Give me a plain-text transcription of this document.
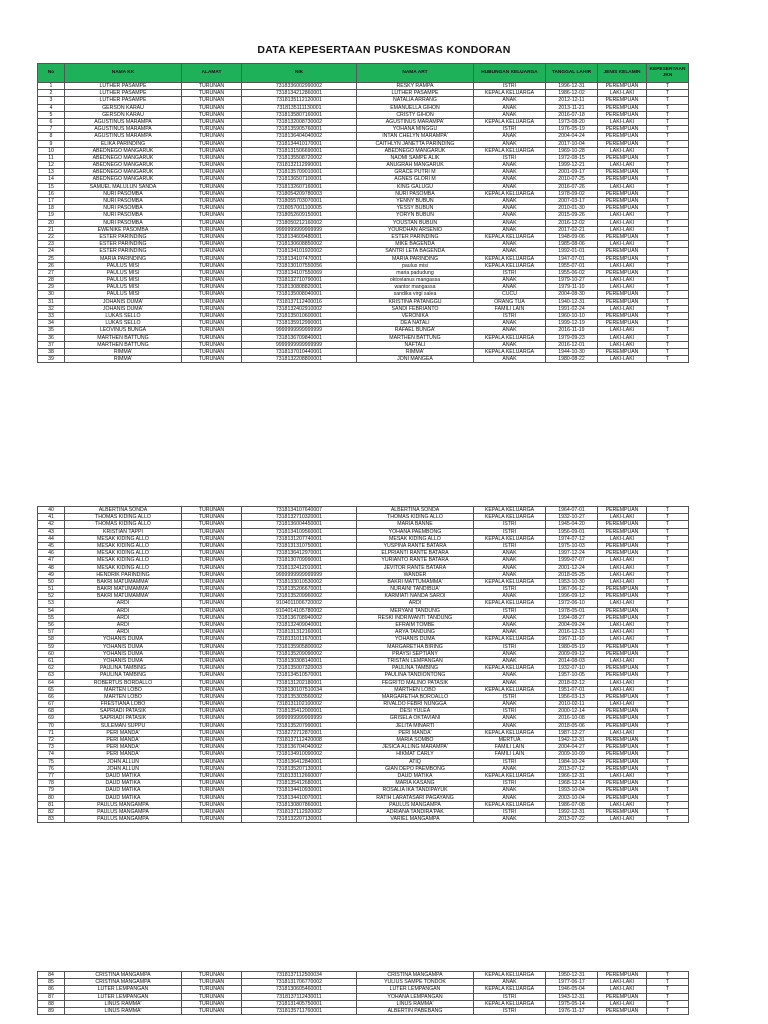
DATA KEPESERTAAN PUSKESMAS KONDORAN
No	NAMA KK	ALAMAT	NIK	NAMA ART	HUBUNGAN KELUARGA	TANGGAL LAHIR	JENIS KELAMIN	KEPESERTAAN JKN
1	LUTHER PASAMPE	TURUNAN	7318336002990002	RESKY RAMPA	ISTRI	1996-12-31	PEREMPUAN	T
2	LUTHER PASAMPE	TURUNAN	7318134212860001	LUTHER PASAMPE	KEPALA KELUARGA	1986-12-02	LAKI-LAKI	T
3	LUTHER PASAMPE	TURUNAN	7318135112120001	NATALIA ARRANG	ANAK	2012-12-11	PEREMPUAN	T
4	GERSON KARAU	TURUNAN	7318135111130001	EMANUELLA GIHON	ANAK	2013-11-21	PEREMPUAN	T
5	GERSON KARAU	TURUNAN	7318135807160001	CRISTY GIHON	ANAK	2016-07-18	PEREMPUAN	T
6	AGUSTINUS MARAMPA	TURUNAN	7318132008730002	AGUSTINUS MARAMPA'	KEPALA KELUARGA	1973-08-20	LAKI-LAKI	T
7	AGUSTINUS MARAMPA	TURUNAN	7318135905760001	YOHANA MINGGU	ISTRI	1976-05-19	PEREMPUAN	T
8	AGUSTINUS MARAMPA	TURUNAN	7318136404040002	INTAN CHELYN MARAMPA'	ANAK	2004-04-24	PEREMPUAN	T
9	ELIKA PARINDING	TURUNAN	7318134410170001	CAITHLYN JANETTA PARINDING	ANAK	2017-10-04	PEREMPUAN	T
10	ABEDNEGO MANGARUK	TURUNAN	7318131506690001	ABEDNEGO MANGARUK	KEPALA KELUARGA	1969-10-28	LAKI-LAKI	T
11	ABEDNEGO MANGARUK	TURUNAN	7318135508720002	NAOMI SAMPE ALIK	ISTRI	1972-08-15	PEREMPUAN	T
12	ABEDNEGO MANGARUK	TURUNAN	7318132112990001	ANUGRAH MANGARUK	ANAK	1999-12-21	LAKI-LAKI	T
13	ABEDNEGO MANGARUK	TURUNAN	7318135709010001	GRACE PUTRI M	ANAK	2001-09-17	PEREMPUAN	T
14	ABEDNEGO MANGARUK	TURUNAN	7318136507100001	AGNES GLORI M	ANAK	2010-07-25	PEREMPUAN	T
15	SAMUEL MALULUN SANDA	TURUNAN	7318132607160001	KING GALUGU	ANAK	2016-07-26	LAKI-LAKI	T
16	NURI PASOMBA	TURUNAN	7318054209780003	NURI PASOMBA	KEPALA KELUARGA	1978-09-02	PEREMPUAN	T
17	NURI PASOMBA	TURUNAN	7318055703070001	YENNY BUBUN	ANAK	2007-03-17	PEREMPUAN	T
18	NURI PASOMBA	TURUNAN	7318057001100005	YESSY BUBUN	ANAK	2010-01-30	PEREMPUAN	T
19	NURI PASOMBA	TURUNAN	7318052609150001	YORYN BUBUN	ANAK	2015-09-26	LAKI-LAKI	T
20	NURI PASOMBA	TURUNAN	7318050212160002	YOUSTAN BUBUN	ANAK	2016-12-02	LAKI-LAKI	T
21	EWENIKE PASOMBA	TURUNAN	9999999999999999	YOURDHAN ARSENIO	ANAK	2017-02-21	LAKI-LAKI	T
22	ESTER PARINDING	TURUNAN	7318134609480001	ESTER PARINDING	KEPALA KELUARGA	1948-09-06	PEREMPUAN	T
23	ESTER PARINDING	TURUNAN	7318130608850002	MIKE BAGENDA	ANAK	1985-08-06	LAKI-LAKI	T
24	ESTER PARINDING	TURUNAN	7318134101920002	SANTRI LETA BAGENDA	ANAK	1992-01-01	PEREMPUAN	T
25	MARIA PARINDING	TURUNAN	7318134107470001	MARIA PARINDING	KEPALA KELUARGA	1947-07-01	PEREMPUAN	T
26	PAULUS MISI	TURUNAN	7318130107550056	paulus misi	KEPALA KELUARGA	1955-07-01	LAKI-LAKI	T
27	PAULUS MISI	TURUNAN	7318134107550069	maria padudung	ISTRI	1955-06-02	PEREMPUAN	T
28	PAULUS MISI	TURUNAN	7318132710790001	oktovianus mangassa	ANAK	1979-10-27	LAKI-LAKI	T
29	PAULUS MISI	TURUNAN	7318130808820001	wantor mangassa	ANAK	1979-11-10	LAKI-LAKI	T
30	PAULUS MISI	TURUNAN	7318135008040001	sandika virgi salea	CUCU	2004-08-30	PEREMPUAN	T
31	JOHANIS DUMA'	TURUNAN	7318137112400016	KRISTINA PATANGGU	ORANG TUA	1940-12-31	PEREMPUAN	T
32	JOHANIS DUMA'	TURUNAN	7318132402910002	SANDI FEBRIANTO	FAMILI LAIN	1991-02-24	LAKI-LAKI	T
33	LUKAS SELLO	TURUNAN	7318135010600001	VERONIKA	ISTRI	1960-10-10	PEREMPUAN	T
34	LUKAS SELLO	TURUNAN	7318135912990001	DEA NATALI	ANAK	1999-12-19	PEREMPUAN	T
35	LEOVINUS BUNGA	TURUNAN	9999999999999999	RAFAEL BUNGA'	ANAK	2016-11-19	LAKI-LAKI	T
36	MARTHEN BATTUNG	TURUNAN	7318136709840001	MARTHEN BATTUNG	KEPALA KELUARGA	1979-09-23	LAKI-LAKI	T
37	MARTHEN BATTUNG	TURUNAN	9999999999999999	NAFTALI	ANAK	2016-12-01	LAKI-LAKI	T
38	RIMMA'	TURUNAN	7318137010440001	RIMMA'	KEPALA KELUARGA	1944-10-30	PEREMPUAN	T
39	RIMMA'	TURUNAN	7318132208800001	JONI MANGEA	ANAK	1980-08-22	LAKI-LAKI	T
40	ALBERTINA SONDA	TURUNAN	7318134107640007	ALBERTINA SONDA	KEPALA KELUARGA	1964-07-01	PEREMPUAN	T
41	THOMAS KIDING ALLO	TURUNAN	7318132710320001	THOMAS KIDING ALLO	KEPALA KELUARGA	1932-10-27	LAKI-LAKI	T
42	THOMAS KIDING ALLO	TURUNAN	7318136004450001	MARIA BANNE	ISTRI	1945-04-20	PEREMPUAN	T
43	KRISTIAN TAPPI	TURUNAN	7318134109560001	YOHANA PAEMBONG	ISTRI	1956-09-01	PEREMPUAN	T
44	MESAK KIDING ALLO	TURUNAN	7318131207740001	MESAK KIDING ALLO	KEPALA KELUARGA	1974-07-12	LAKI-LAKI	T
45	MESAK KIDING ALLO	TURUNAN	7318131310750001	YUSPINA RANTE BATARA	ISTRI	1975-10-03	PEREMPUAN	T
46	MESAK KIDING ALLO	TURUNAN	7318136412970001	ELPRIANTI RANTE BATARA	ANAK	1997-12-24	PEREMPUAN	T
47	MESAK KIDING ALLO	TURUNAN	7318130709990001	YURIANTO RANTE BATARA	ANAK	1999-07-07	LAKI-LAKI	T
48	MESAK KIDING ALLO	TURUNAN	7318132412010001	JEVITOR RANTE BATARA	ANAK	2001-12-24	LAKI-LAKI	T
49	HENDRIK PARINDING	TURUNAN	9999999999999999	WANDER	ANAK	2018-05-25	LAKI-LAKI	T
50	BAKRI MATUMAMMA'	TURUNAN	7318133010530002	BAKRI MATTUMAMMA'	KEPALA KELUARGA	1953-10-30	LAKI-LAKI	T
51	BAKRI MATUMAMMA'	TURUNAN	7318135206670001	NURAINI TANDIBUA'	ISTRI	1967-06-12	PEREMPUAN	T
52	BAKRI MATUMAMMA'	TURUNAN	7318135209960002	KARMIATI NANDA SAROI	ANAK	1996-09-12	PEREMPUAN	T
53	ARDI	TURUNAN	9104011006720002	ARDI	KEPALA KELUARGA	1972-06-10	LAKI-LAKI	T
54	ARDI	TURUNAN	9104014105780002	MERYANI TANDUNG	ISTRI	1978-05-01	PEREMPUAN	T
55	ARDI	TURUNAN	7318136708940002	RESKI INDRIWANTI TANDUNG	ANAK	1994-08-27	PEREMPUAN	T
56	ARDI	TURUNAN	7318132409040001	EFRAIM TOMBE	ANAK	2004-09-24	LAKI-LAKI	T
57	ARDI	TURUNAN	7318131312160001	ARYA TANDUNG	ANAK	2016-12-13	LAKI-LAKI	T
58	YOHANIS DUMA	TURUNAN	7318131011670001	YOHANIS DUMA	KEPALA KELUARGA	1967-11-10	LAKI-LAKI	T
59	YOHANIS DUMA	TURUNAN	7318135905800002	MARGARETHA BIRING	ISTRI	1980-05-19	PEREMPUAN	T
60	YOHANIS DUMA	TURUNAN	7318135209090002	PRAYSI SEPTIANY	ANAK	2009-09-12	PEREMPUAN	T
61	YOHANIS DUMA	TURUNAN	7318130308140001	TRISTAN LEMPANGAN	ANAK	2014-08-03	LAKI-LAKI	T
62	PAULINA TAMBING	TURUNAN	7318135007320003	PAULINA TAMBING	KEPALA KELUARGA	1932-07-10	PEREMPUAN	T
63	PAULINA TAMBING	TURUNAN	7318134510570001	PAULINA TANDIONTONG	ANAK	1957-10-05	PEREMPUAN	T
64	ROBERTUS BORDALLO	TURUNAN	7318131202180001	FEGRITO MALINO PATASIK	ANAK	2018-02-12	LAKI-LAKI	T
65	MARTEN LOBO	TURUNAN	7318130107510034	MARTHEN LOBO	KEPALA KELUARGA	1951-07-01	LAKI-LAKI	T
66	MARTEN LOBO	TURUNAN	7318135303560002	MARGARETHA BOROALLO	ISTRI	1956-03-13	PEREMPUAN	T
67	FRESTIANA LOBO	TURUNAN	7318131102100002	RIVALDO FEBRI NUNGGA	ANAK	2010-02-11	LAKI-LAKI	T
68	SAPRIADI PATASIK	TURUNAN	7318135412000001	DESI YULEA	ISTRI	2000-12-14	PEREMPUAN	T
69	SAPRIADI PATASIK	TURUNAN	9999999999999999	GRISELA OKTAVIANI	ANAK	2016-10-08	PEREMPUAN	T
70	SULEMAN SUPPU	TURUNAN	7318135207990001	JELITA MINARTI	ANAK	2018-05-06	PEREMPUAN	T
71	PERI MANDA'	TURUNAN	7318272712870001	PERI MANDA'	KEPALA KELUARGA	1987-12-27	LAKI-LAKI	T
72	PERI MANDA'	TURUNAN	7318137112420008	MARIA SOMBO	MERTUA	1942-12-31	PEREMPUAN	T
73	PERI MANDA'	TURUNAN	7318136704040002	JESICA ALLING MARAMPA'	FAMILI LAIN	2004-04-27	PEREMPUAN	T
74	PERI MANDA'	TURUNAN	7318134910090002	HIKMAT CARLY	FAMILI LAIN	2009-10-09	PEREMPUAN	T
75	JOHN ALLUN	TURUNAN	7318136412840001	ATIQ	ISTRI	1984-10-24	PEREMPUAN	T
76	JOHN ALLUN	TURUNAN	7318135207130001	GIAN DEPO PAEMBONG	ANAK	2013-07-12	PEREMPUAN	T
77	DAUD MATIKA	TURUNAN	7318133112660007	DAUD MATIKA	KEPALA KELUARGA	1966-12-31	LAKI-LAKI	T
78	DAUD MATIKA	TURUNAN	7318135412680001	MARIA KASANG	ISTRI	1968-12-14	PEREMPUAN	T
79	DAUD MATIKA	TURUNAN	7318134410930001	ROSALIA IKA TANDIPAYUK	ANAK	1993-10-04	PEREMPUAN	T
80	DAUD MATIKA	TURUNAN	7318134410070001	RATIH LARATASARI PAGAYANG	ANAK	2003-10-04	PEREMPUAN	T
81	PAULUS MANGAMPA	TURUNAN	7318130807860001	PAULUS MANGAMPA	KEPALA KELUARGA	1986-07-08	LAKI-LAKI	T
82	PAULUS MANGAMPA	TURUNAN	7318137112920002	ADRIANA TANDIRA'PAK	ISTRI	1992-12-31	PEREMPUAN	T
83	PAULUS MANGAMPA	TURUNAN	7318132207130001	VARIEL MANGAMPA	ANAK	2013-07-22	LAKI-LAKI	T
84	CRISTINA MANGAMPA	TURUNAN	7318137112500034	CRISTINA MANGAMPA	KEPALA KELUARGA	1950-12-31	PEREMPUAN	T
85	CRISTINA MANGAMPA	TURUNAN	7318131706770002	YULIUS SAMPE TONDOK	ANAK	1977-06-17	LAKI-LAKI	T
86	LUTER LEMPANGAN	TURUNAN	7318130605460001	LUTER LEMPANGAN	KEPALA KELUARGA	1946-05-04	LAKI-LAKI	T
87	LUTER LEMPANGAN	TURUNAN	7318137112430011	YOHANA LEMPANGAN	ISTRI	1943-12-31	PEREMPUAN	T
88	LINUS RAMMA'	TURUNAN	7318131405750001	LINUS RAMMA'	KEPALA KELUARGA	1975-05-14	LAKI-LAKI	T
89	LINUS RAMMA'	TURUNAN	7318135711760001	ALBERTIN PABEBANG	ISTRI	1976-11-17	PEREMPUAN	T
